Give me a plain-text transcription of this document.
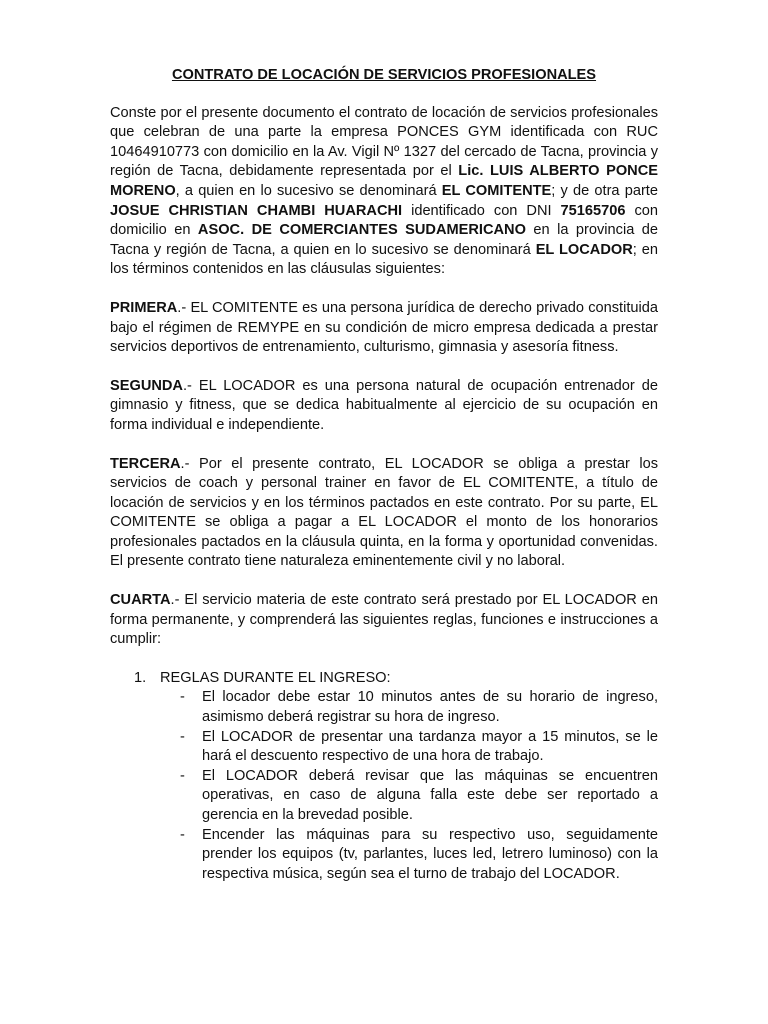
CONTRATO DE LOCACIÓN DE SERVICIOS PROFESIONALES
Conste por el presente documento el contrato de locación de servicios profesionales que celebran de una parte la empresa PONCES GYM identificada con RUC 10464910773 con domicilio en la Av. Vigil Nº 1327 del cercado de Tacna, provincia y región de Tacna, debidamente representada por el Lic. LUIS ALBERTO PONCE MORENO, a quien en lo sucesivo se denominará EL COMITENTE; y de otra parte JOSUE CHRISTIAN CHAMBI HUARACHI identificado con DNI 75165706 con domicilio en ASOC. DE COMERCIANTES SUDAMERICANO en la provincia de Tacna y región de Tacna, a quien en lo sucesivo se denominará EL LOCADOR; en los términos contenidos en las cláusulas siguientes:
PRIMERA.- EL COMITENTE es una persona jurídica de derecho privado constituida bajo el régimen de REMYPE en su condición de micro empresa dedicada a prestar servicios deportivos de entrenamiento, culturismo, gimnasia y asesoría fitness.
SEGUNDA.- EL LOCADOR es una persona natural de ocupación entrenador de gimnasio y fitness, que se dedica habitualmente al ejercicio de su ocupación en forma individual e independiente.
TERCERA.- Por el presente contrato, EL LOCADOR se obliga a prestar los servicios de coach y personal trainer en favor de EL COMITENTE, a título de locación de servicios y en los términos pactados en este contrato. Por su parte, EL COMITENTE se obliga a pagar a EL LOCADOR el monto de los honorarios profesionales pactados en la cláusula quinta, en la forma y oportunidad convenidas. El presente contrato tiene naturaleza eminentemente civil y no laboral.
CUARTA.- El servicio materia de este contrato será prestado por EL LOCADOR en forma permanente, y comprenderá las siguientes reglas, funciones e instrucciones a cumplir:
1. REGLAS DURANTE EL INGRESO:
- El locador debe estar 10 minutos antes de su horario de ingreso, asimismo deberá registrar su hora de ingreso.
- El LOCADOR de presentar una tardanza mayor a 15 minutos, se le hará el descuento respectivo de una hora de trabajo.
- El LOCADOR deberá revisar que las máquinas se encuentren operativas, en caso de alguna falla este debe ser reportado a gerencia en la brevedad posible.
- Encender las máquinas para su respectivo uso, seguidamente prender los equipos (tv, parlantes, luces led, letrero luminoso) con la respectiva música, según sea el turno de trabajo del LOCADOR.
